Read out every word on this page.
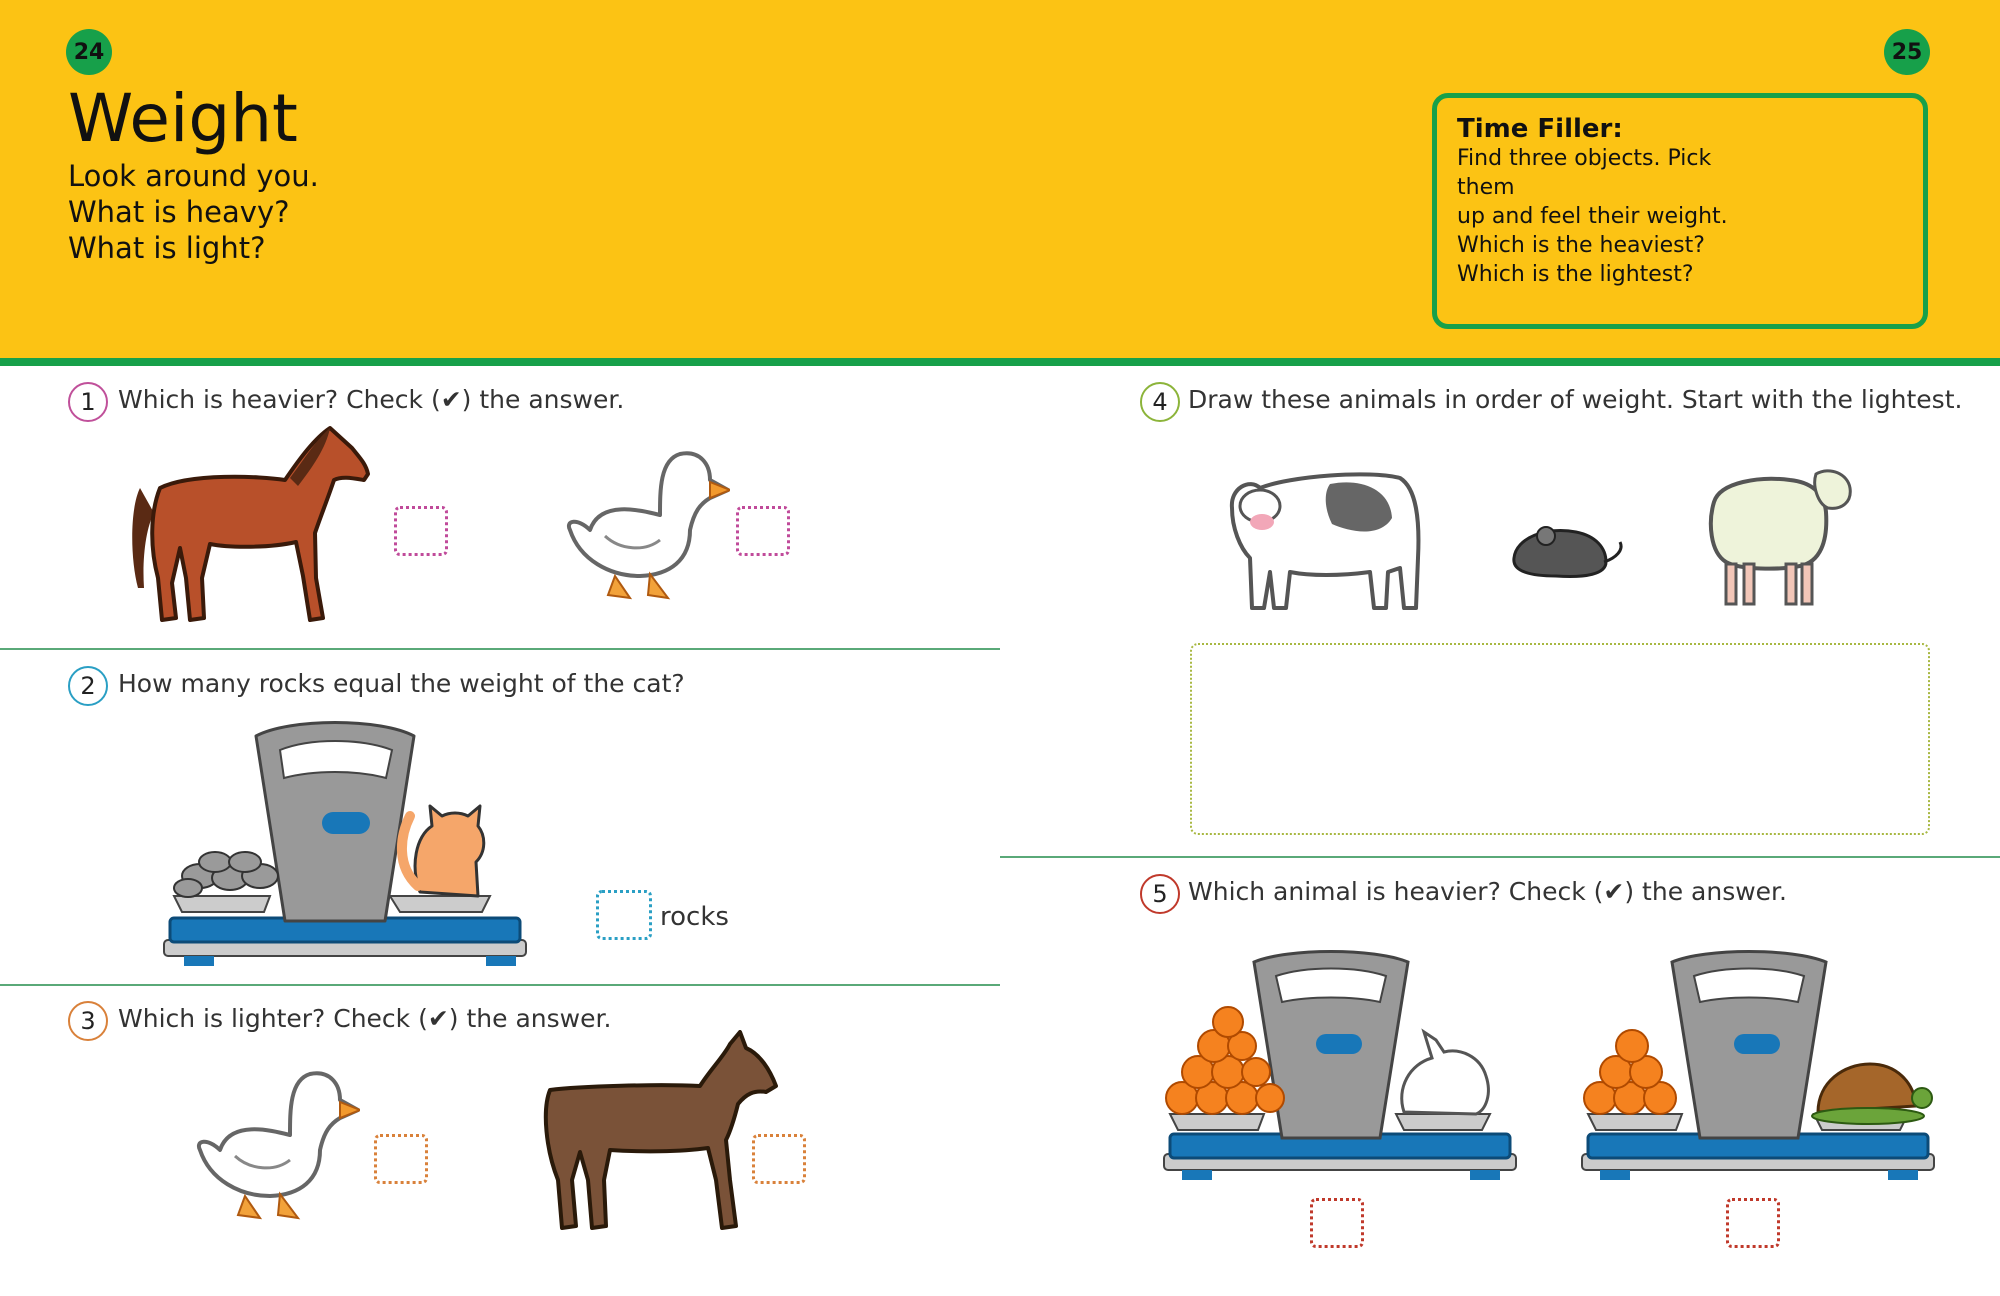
24	25
Weight
Look around you.
What is heavy?
What is light?
Time Filler:
Find three objects. Pick them
up and feel their weight.
Which is the heaviest?
Which is the lightest?
1 Which is heavier? Check (✔) the answer.
2 How many rocks equal the weight of the cat?
rocks
3 Which is lighter? Check (✔) the answer.
4 Draw these animals in order of weight. Start with the lightest.
5 Which animal is heavier? Check (✔) the answer.
